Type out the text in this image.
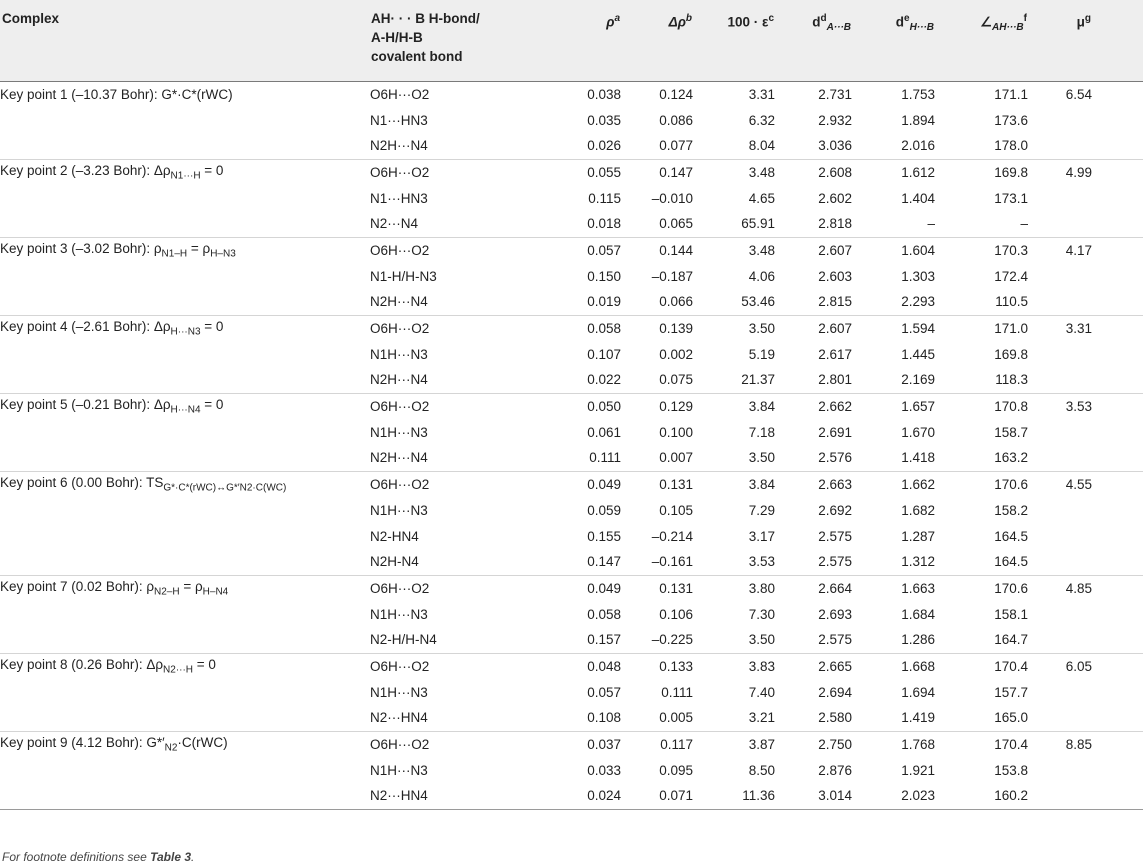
Complex	AH· · · B H-bond/
A-H/H-B
covalent bond	$\rho^a$	$\Delta\rho^b$	$100 \cdot \varepsilon^c$	$d^d_{A\cdot\cdot\cdot B}$	$d^e_{H\cdot\cdot\cdot B}$	$\angle_{AH\cdot\cdot\cdot B}^f$	$\mu^g$	
Key point 1 (–10.37 Bohr): G*·C*(rWC)	O6H···O2	0.038	0.124	3.31	2.731	1.753	171.1	6.54	
	N1···HN3	0.035	0.086	6.32	2.932	1.894	173.6		
	N2H···N4	0.026	0.077	8.04	3.036	2.016	178.0		
Key point 2 (–3.23 Bohr): $\Delta\rho_{N1\cdot\cdot\cdot H} = 0$	O6H···O2	0.055	0.147	3.48	2.608	1.612	169.8	4.99	
	N1···HN3	0.115	–0.010	4.65	2.602	1.404	173.1		
	N2···N4	0.018	0.065	65.91	2.818	–	–		
Key point 3 (–3.02 Bohr): $\rho_{N1-H} = \rho_{H-N3}$	O6H···O2	0.057	0.144	3.48	2.607	1.604	170.3	4.17	
	N1-H/H-N3	0.150	–0.187	4.06	2.603	1.303	172.4		
	N2H···N4	0.019	0.066	53.46	2.815	2.293	110.5		
Key point 4 (–2.61 Bohr): $\Delta\rho_{H\cdot\cdot\cdot N3} = 0$	O6H···O2	0.058	0.139	3.50	2.607	1.594	171.0	3.31	
	N1H···N3	0.107	0.002	5.19	2.617	1.445	169.8		
	N2H···N4	0.022	0.075	21.37	2.801	2.169	118.3		
Key point 5 (–0.21 Bohr): $\Delta\rho_{H\cdot\cdot\cdot N4} = 0$	O6H···O2	0.050	0.129	3.84	2.662	1.657	170.8	3.53	
	N1H···N3	0.061	0.100	7.18	2.691	1.670	158.7		
	N2H···N4	0.111	0.007	3.50	2.576	1.418	163.2		
Key point 6 (0.00 Bohr): $TS_{G*\cdot C*(rWC)\leftrightarrow G*'N2\cdot C(WC)}$	O6H···O2	0.049	0.131	3.84	2.663	1.662	170.6	4.55	
	N1H···N3	0.059	0.105	7.29	2.692	1.682	158.2		
	N2-HN4	0.155	–0.214	3.17	2.575	1.287	164.5		
	N2H-N4	0.147	–0.161	3.53	2.575	1.312	164.5		
Key point 7 (0.02 Bohr): $\rho_{N2-H} = \rho_{H-N4}$	O6H···O2	0.049	0.131	3.80	2.664	1.663	170.6	4.85	
	N1H···N3	0.058	0.106	7.30	2.693	1.684	158.1		
	N2-H/H-N4	0.157	–0.225	3.50	2.575	1.286	164.7		
Key point 8 (0.26 Bohr): $\Delta\rho_{N2\cdot\cdot\cdot H} = 0$	O6H···O2	0.048	0.133	3.83	2.665	1.668	170.4	6.05	
	N1H···N3	0.057	0.111	7.40	2.694	1.694	157.7		
	N2···HN4	0.108	0.005	3.21	2.580	1.419	165.0		
Key point 9 (4.12 Bohr): $G*'_{N2}\cdot C(rWC)$	O6H···O2	0.037	0.117	3.87	2.750	1.768	170.4	8.85	
	N1H···N3	0.033	0.095	8.50	2.876	1.921	153.8		
	N2···HN4	0.024	0.071	11.36	3.014	2.023	160.2		
For footnote definitions see Table 3.
